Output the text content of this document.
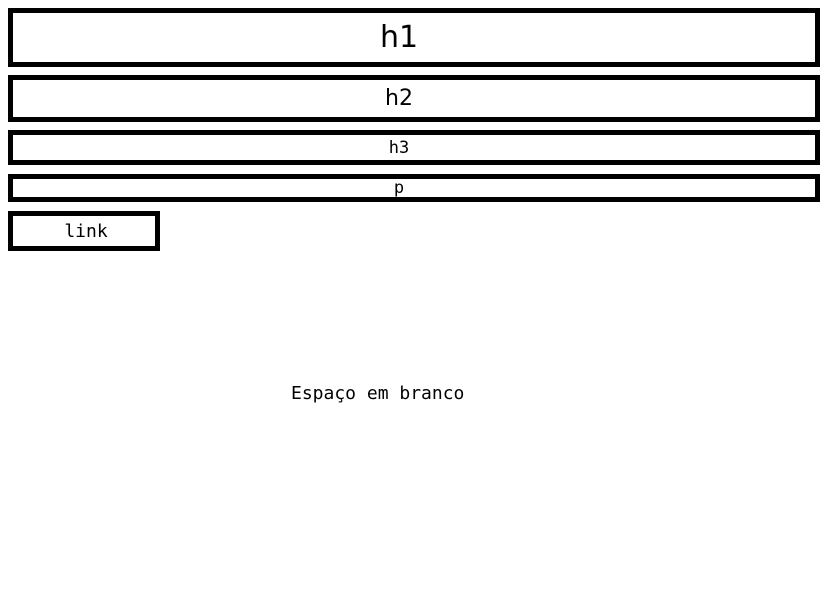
h1
h2
h3
p
link
Espaço em branco
